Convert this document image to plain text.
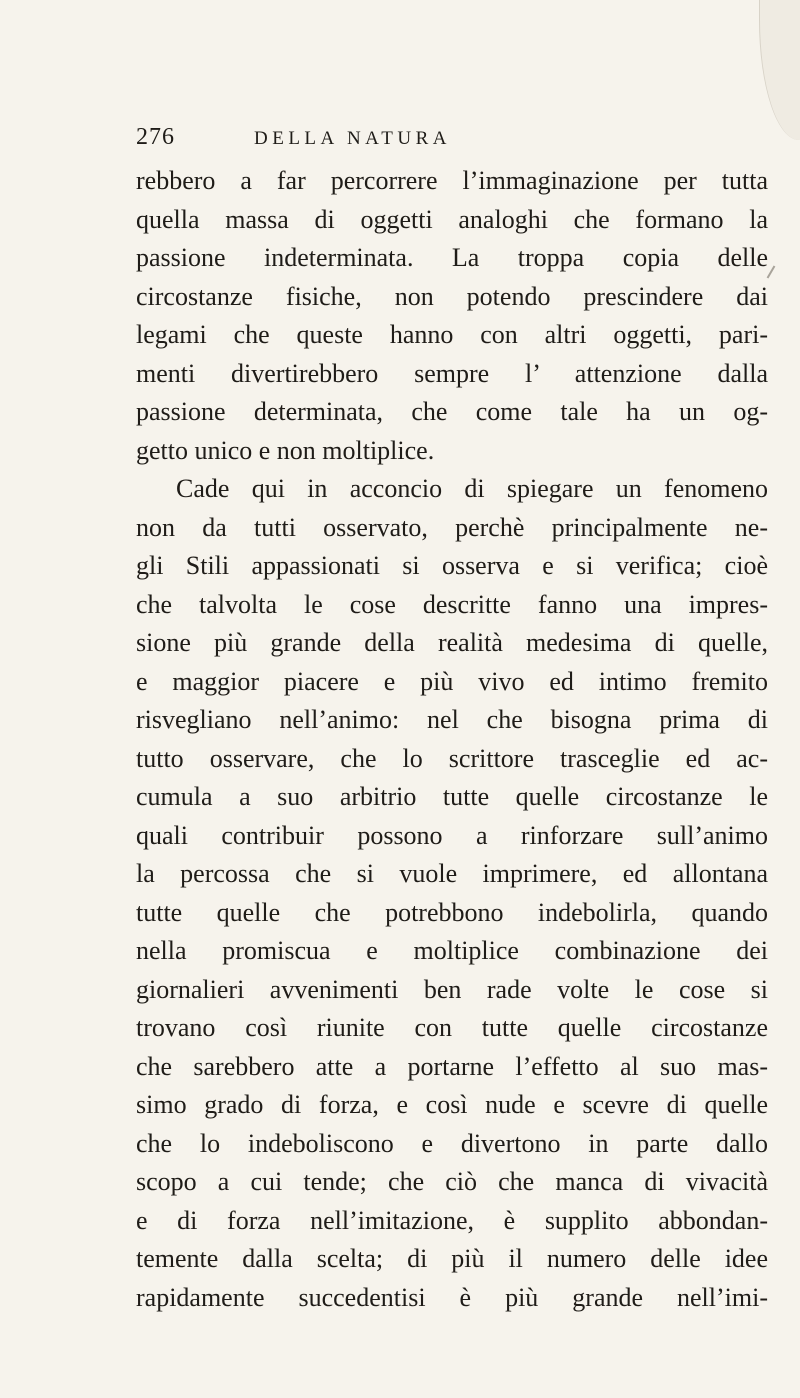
276	DELLA NATURA
rebbero a far percorrere l’immaginazione per tutta
quella massa di oggetti analoghi che formano la
passione indeterminata. La troppa copia delle
circostanze fisiche, non potendo prescindere dai
legami che queste hanno con altri oggetti, pari-
menti divertirebbero sempre l’ attenzione dalla
passione determinata, che come tale ha un og-
getto unico e non moltiplice.
Cade qui in acconcio di spiegare un fenomeno
non da tutti osservato, perchè principalmente ne-
gli Stili appassionati si osserva e si verifica; cioè
che talvolta le cose descritte fanno una impres-
sione più grande della realità medesima di quelle,
e maggior piacere e più vivo ed intimo fremito
risvegliano nell’animo: nel che bisogna prima di
tutto osservare, che lo scrittore trasceglie ed ac-
cumula a suo arbitrio tutte quelle circostanze le
quali contribuir possono a rinforzare sull’animo
la percossa che si vuole imprimere, ed allontana
tutte quelle che potrebbono indebolirla, quando
nella promiscua e moltiplice combinazione dei
giornalieri avvenimenti ben rade volte le cose si
trovano così riunite con tutte quelle circostanze
che sarebbero atte a portarne l’effetto al suo mas-
simo grado di forza, e così nude e scevre di quelle
che lo indeboliscono e divertono in parte dallo
scopo a cui tende; che ciò che manca di vivacità
e di forza nell’imitazione, è supplito abbondan-
temente dalla scelta; di più il numero delle idee
rapidamente succedentisi è più grande nell’imi-
